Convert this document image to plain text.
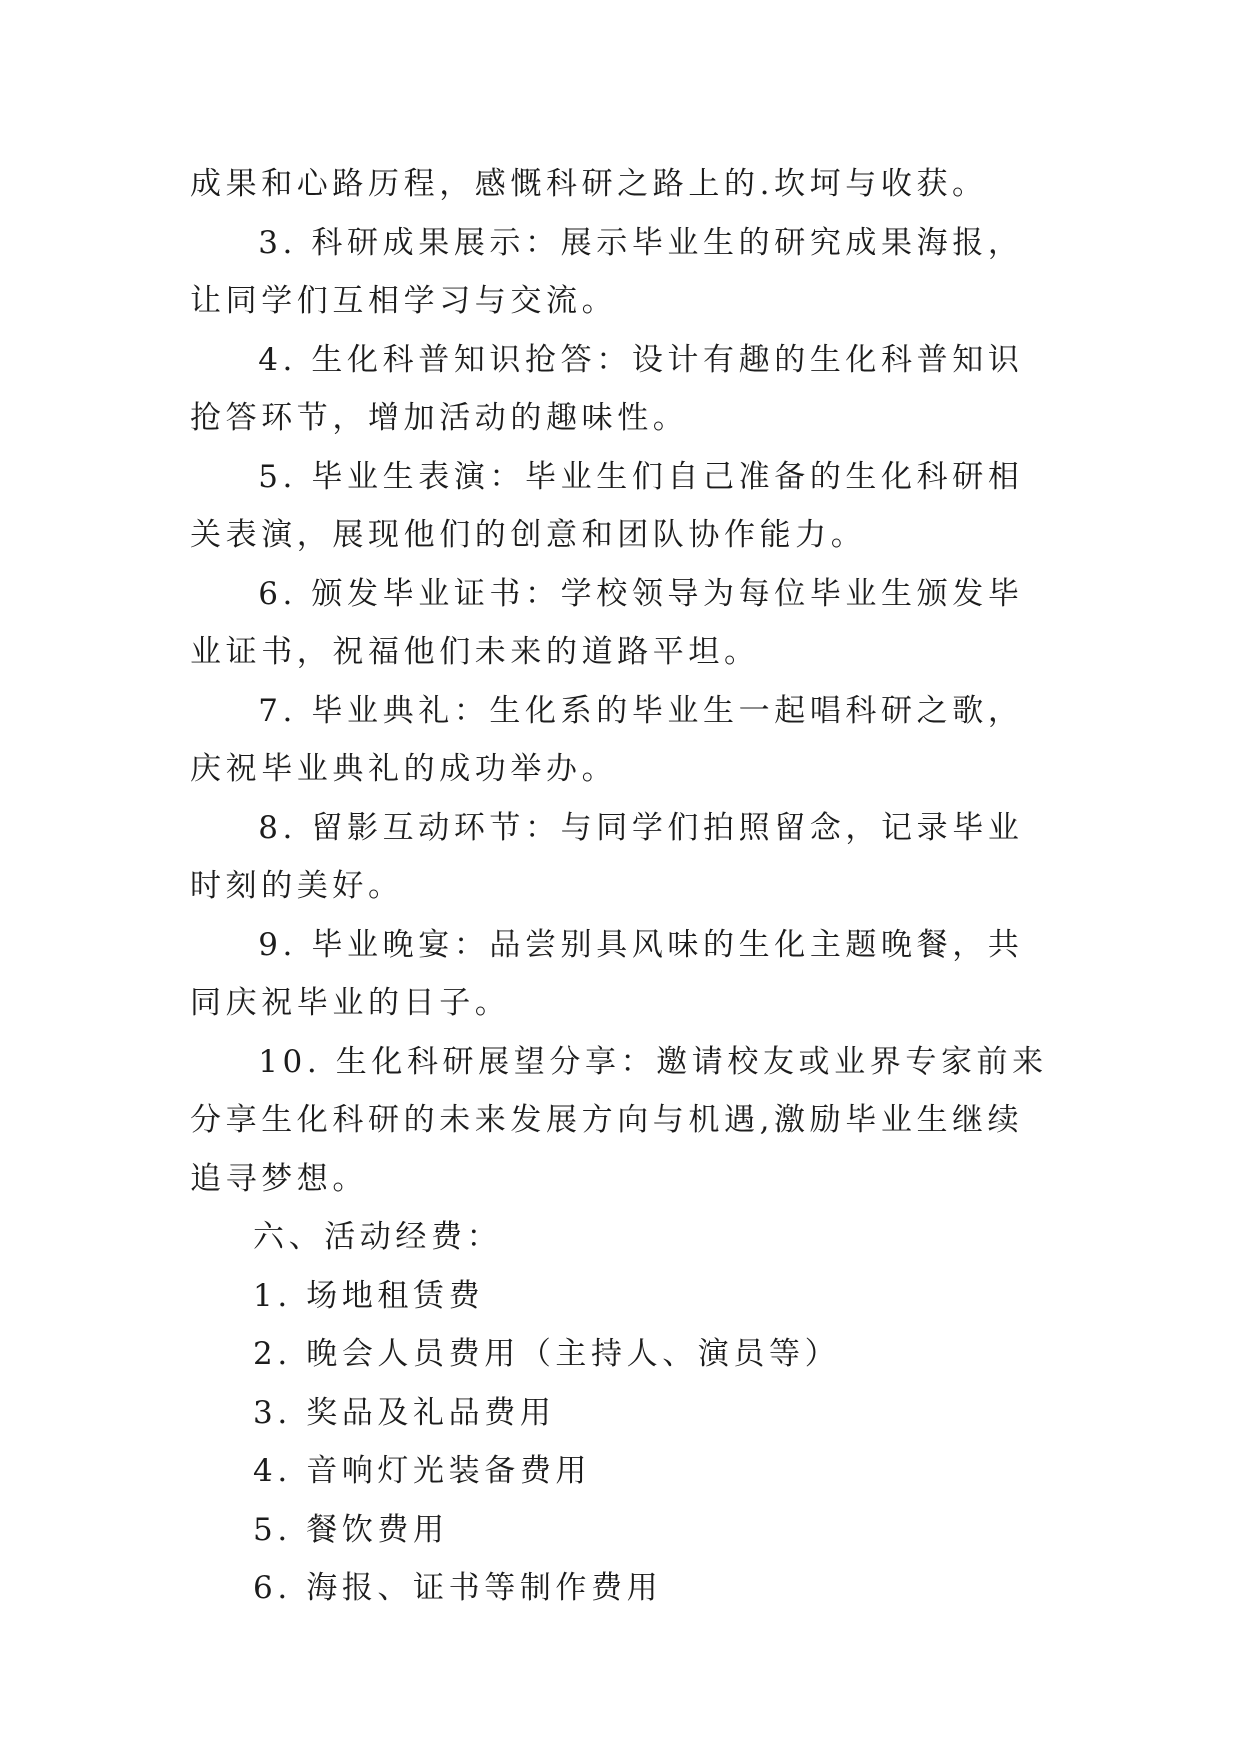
成果和心路历程，感慨科研之路上的.坎坷与收获。

3. 科研成果展示：展示毕业生的研究成果海报，让同学们互相学习与交流。

4. 生化科普知识抢答：设计有趣的生化科普知识抢答环节，增加活动的趣味性。

5. 毕业生表演：毕业生们自己准备的生化科研相关表演，展现他们的创意和团队协作能力。

6. 颁发毕业证书：学校领导为每位毕业生颁发毕业证书，祝福他们未来的道路平坦。

7. 毕业典礼：生化系的毕业生一起唱科研之歌，庆祝毕业典礼的成功举办。

8. 留影互动环节：与同学们拍照留念，记录毕业时刻的美好。

9. 毕业晚宴：品尝别具风味的生化主题晚餐，共同庆祝毕业的日子。

10. 生化科研展望分享：邀请校友或业界专家前来分享生化科研的未来发展方向与机遇,激励毕业生继续追寻梦想。

六、活动经费：

1. 场地租赁费

2. 晚会人员费用（主持人、演员等）

3. 奖品及礼品费用

4. 音响灯光装备费用

5. 餐饮费用

6. 海报、证书等制作费用
